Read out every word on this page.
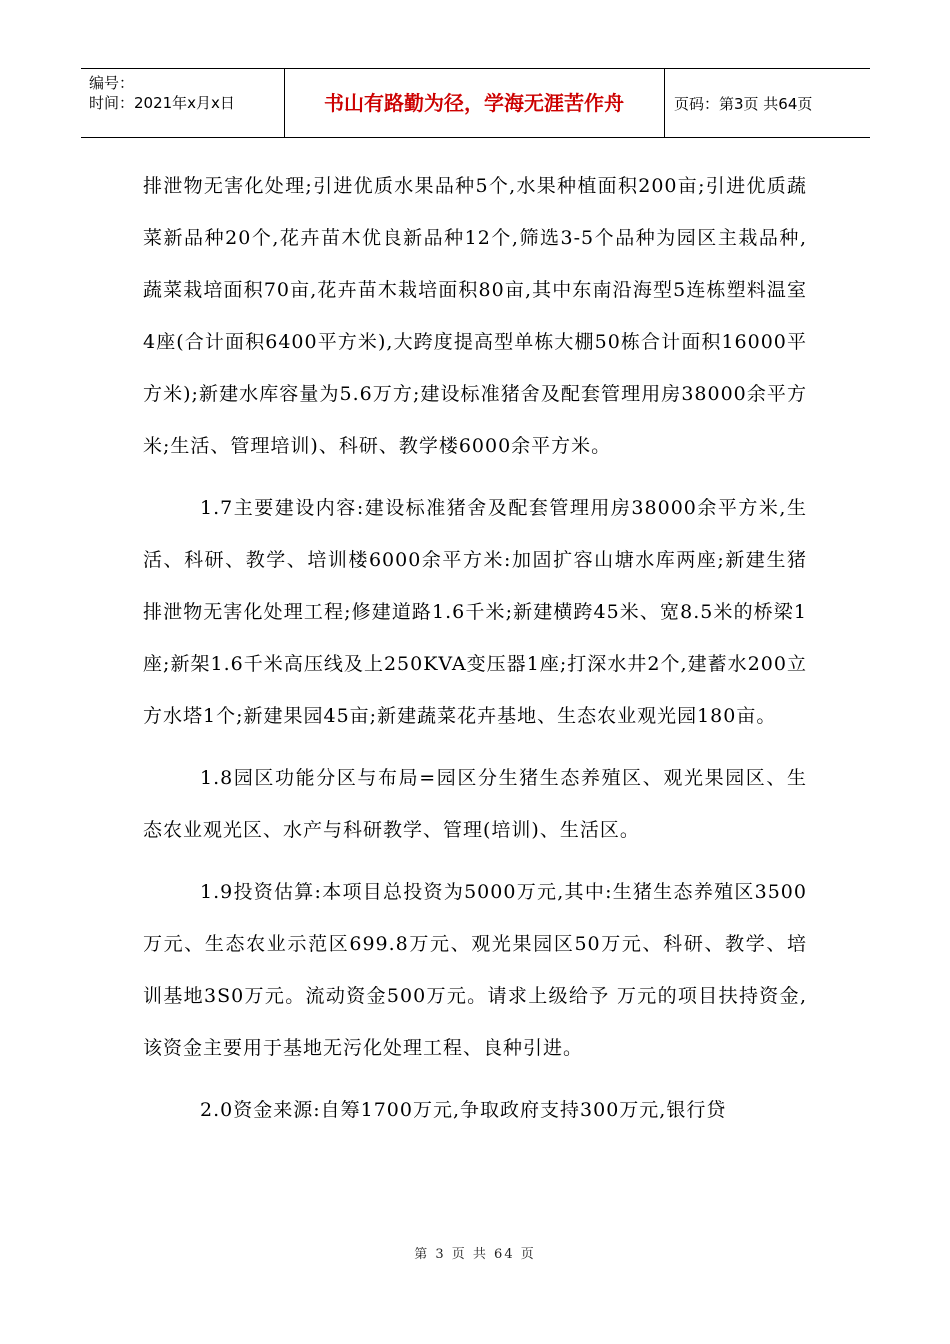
编号：
时间：2021年x月x日	书山有路勤为径，学海无涯苦作舟	页码：第3页 共64页

排泄物无害化处理;引进优质水果品种5个,水果种植面积200亩;引进优质蔬菜新品种20个,花卉苗木优良新品种12个,筛选3-5个品种为园区主栽品种,蔬菜栽培面积70亩,花卉苗木栽培面积80亩,其中东南沿海型5连栋塑料温室4座(合计面积6400平方米),大跨度提高型单栋大棚50栋合计面积16000平方米);新建水库容量为5.6万方;建设标准猪舍及配套管理用房38000余平方米;生活、管理培训)、科研、教学楼6000余平方米。

1.7主要建设内容:建设标准猪舍及配套管理用房38000余平方米,生活、科研、教学、培训楼6000余平方米:加固扩容山塘水库两座;新建生猪排泄物无害化处理工程;修建道路1.6千米;新建横跨45米、宽8.5米的桥梁1座;新架1.6千米高压线及上250KVA变压器1座;打深水井2个,建蓄水200立方水塔1个;新建果园45亩;新建蔬菜花卉基地、生态农业观光园180亩。

1.8园区功能分区与布局=园区分生猪生态养殖区、观光果园区、生态农业观光区、水产与科研教学、管理(培训)、生活区。

1.9投资估算:本项目总投资为5000万元,其中:生猪生态养殖区3500万元、生态农业示范区699.8万元、观光果园区50万元、科研、教学、培训基地3S0万元。流动资金500万元。请求上级给予 万元的项目扶持资金,该资金主要用于基地无污化处理工程、良种引进。

2.0资金来源:自筹1700万元,争取政府支持300万元,银行贷

第 3 页 共 64 页
